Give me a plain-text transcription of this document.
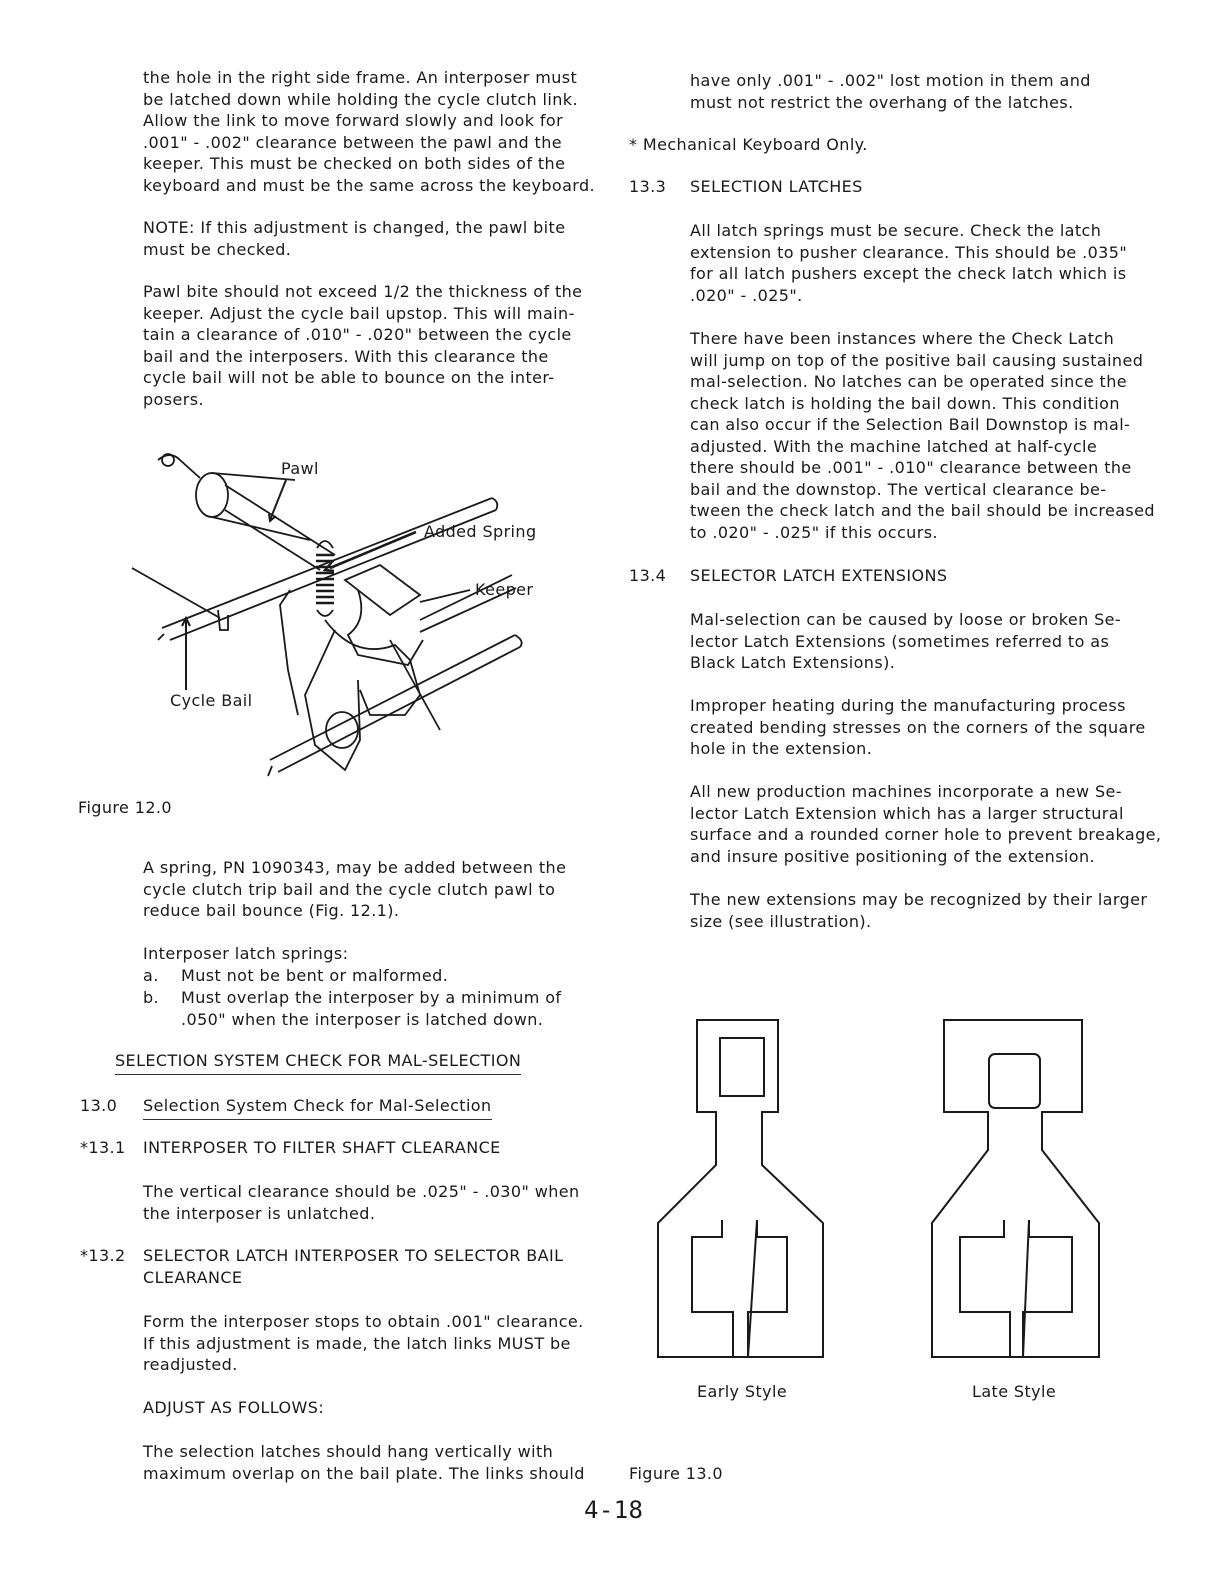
the hole in the right side frame. An interposer must
be latched down while holding the cycle clutch link.
Allow the link to move forward slowly and look for
.001" - .002" clearance between the pawl and the
keeper. This must be checked on both sides of the
keyboard and must be the same across the keyboard.

NOTE: If this adjustment is changed, the pawl bite
must be checked.

Pawl bite should not exceed 1/2 the thickness of the
keeper. Adjust the cycle bail upstop. This will main-
tain a clearance of .010" - .020" between the cycle
bail and the interposers. With this clearance the
cycle bail will not be able to bounce on the inter-
posers.

Pawl
Added Spring
Keeper
Cycle Bail
Figure 12.0

A spring, PN 1090343, may be added between the
cycle clutch trip bail and the cycle clutch pawl to
reduce bail bounce (Fig. 12.1).

Interposer latch springs:
a. Must not be bent or malformed.

b. Must overlap the interposer by a minimum of
.050" when the interposer is latched down.

SELECTION SYSTEM CHECK FOR MAL-SELECTION
13.0 Selection System Check for Mal-Selection
*13.1 INTERPOSER TO FILTER SHAFT CLEARANCE

The vertical clearance should be .025" - .030" when
the interposer is unlatched.

*13.2 SELECTOR LATCH INTERPOSER TO SELECTOR BAIL
CLEARANCE

Form the interposer stops to obtain .001" clearance.
If this adjustment is made, the latch links MUST be
readjusted.

ADJUST AS FOLLOWS:

The selection latches should hang vertically with
maximum overlap on the bail plate. The links should

have only .001" - .002" lost motion in them and
must not restrict the overhang of the latches.

* Mechanical Keyboard Only.
13.3 SELECTION LATCHES

All latch springs must be secure. Check the latch
extension to pusher clearance. This should be .035"
for all latch pushers except the check latch which is
.020" - .025".

There have been instances where the Check Latch
will jump on top of the positive bail causing sustained
mal-selection. No latches can be operated since the
check latch is holding the bail down. This condition
can also occur if the Selection Bail Downstop is mal-
adjusted. With the machine latched at half-cycle
there should be .001" - .010" clearance between the
bail and the downstop. The vertical clearance be-
tween the check latch and the bail should be increased
to .020" - .025" if this occurs.

13.4 SELECTOR LATCH EXTENSIONS

Mal-selection can be caused by loose or broken Se-
lector Latch Extensions (sometimes referred to as
Black Latch Extensions).

Improper heating during the manufacturing process
created bending stresses on the corners of the square
hole in the extension.

All new production machines incorporate a new Se-
lector Latch Extension which has a larger structural
surface and a rounded corner hole to prevent breakage,
and insure positive positioning of the extension.

The new extensions may be recognized by their larger
size (see illustration).

Early Style	Late Style
Figure 13.0
4-18
